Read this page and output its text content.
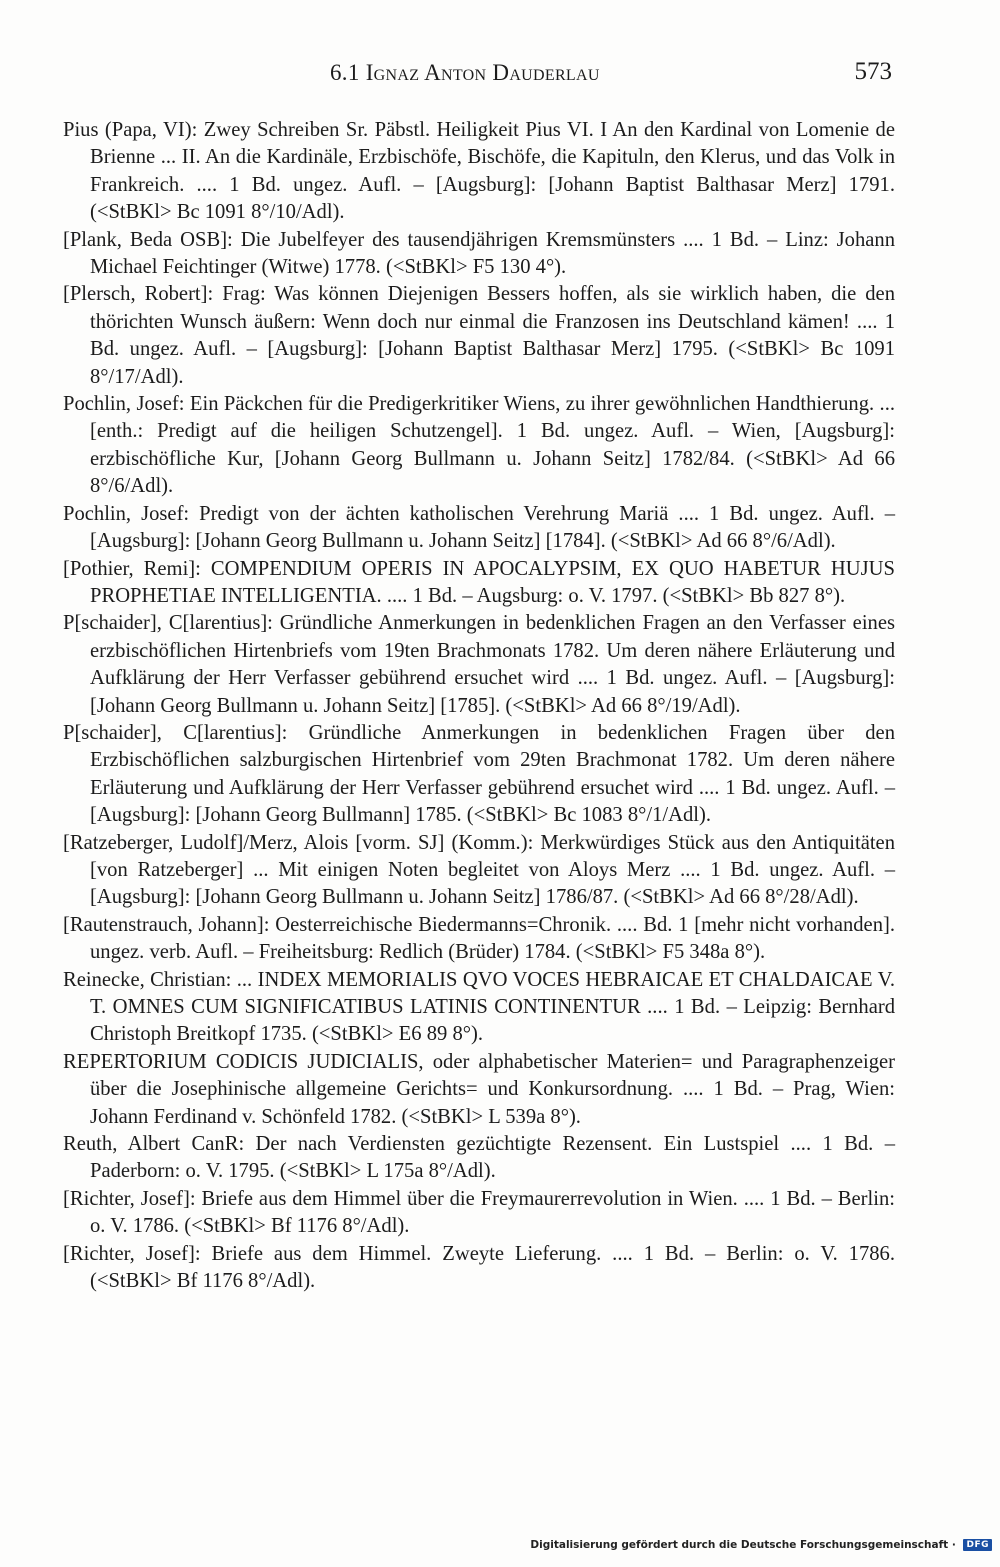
6.1 Ignaz Anton Dauderlau	573

Pius (Papa, VI): Zwey Schreiben Sr. Päbstl. Heiligkeit Pius VI. I An den Kardinal von Lomenie de Brienne ... II. An die Kardinäle, Erzbischöfe, Bischöfe, die Kapituln, den Klerus, und das Volk in Frankreich. .... 1 Bd. ungez. Aufl. – [Augsburg]: [Johann Baptist Balthasar Merz] 1791. (<StBKl> Bc 1091 8°/10/Adl).

[Plank, Beda OSB]: Die Jubelfeyer des tausendjährigen Kremsmünsters .... 1 Bd. – Linz: Johann Michael Feichtinger (Witwe) 1778. (<StBKl> F5 130 4°).

[Plersch, Robert]: Frag: Was können Diejenigen Bessers hoffen, als sie wirklich haben, die den thörichten Wunsch äußern: Wenn doch nur einmal die Franzosen ins Deutschland kämen! .... 1 Bd. ungez. Aufl. – [Augsburg]: [Johann Baptist Balthasar Merz] 1795. (<StBKl> Bc 1091 8°/17/Adl).

Pochlin, Josef: Ein Päckchen für die Predigerkritiker Wiens, zu ihrer gewöhnlichen Handthierung. ... [enth.: Predigt auf die heiligen Schutzengel]. 1 Bd. ungez. Aufl. – Wien, [Augsburg]: erzbischöfliche Kur, [Johann Georg Bullmann u. Johann Seitz] 1782/84. (<StBKl> Ad 66 8°/6/Adl).

Pochlin, Josef: Predigt von der ächten katholischen Verehrung Mariä .... 1 Bd. ungez. Aufl. – [Augsburg]: [Johann Georg Bullmann u. Johann Seitz] [1784]. (<StBKl> Ad 66 8°/6/Adl).

[Pothier, Remi]: COMPENDIUM OPERIS IN APOCALYPSIM, EX QUO HABETUR HUJUS PROPHETIAE INTELLIGENTIA. .... 1 Bd. – Augsburg: o. V. 1797. (<StBKl> Bb 827 8°).

P[schaider], C[larentius]: Gründliche Anmerkungen in bedenklichen Fragen an den Verfasser eines erzbischöflichen Hirtenbriefs vom 19ten Brachmonats 1782. Um deren nähere Erläuterung und Aufklärung der Herr Verfasser gebührend ersuchet wird .... 1 Bd. ungez. Aufl. – [Augsburg]: [Johann Georg Bullmann u. Johann Seitz] [1785]. (<StBKl> Ad 66 8°/19/Adl).

P[schaider], C[larentius]: Gründliche Anmerkungen in bedenklichen Fragen über den Erzbischöflichen salzburgischen Hirtenbrief vom 29ten Brachmonat 1782. Um deren nähere Erläuterung und Aufklärung der Herr Verfasser gebührend ersuchet wird .... 1 Bd. ungez. Aufl. – [Augsburg]: [Johann Georg Bullmann] 1785. (<StBKl> Bc 1083 8°/1/Adl).

[Ratzeberger, Ludolf]/Merz, Alois [vorm. SJ] (Komm.): Merkwürdiges Stück aus den Antiquitäten [von Ratzeberger] ... Mit einigen Noten begleitet von Aloys Merz .... 1 Bd. ungez. Aufl. – [Augsburg]: [Johann Georg Bullmann u. Johann Seitz] 1786/87. (<StBKl> Ad 66 8°/28/Adl).

[Rautenstrauch, Johann]: Oesterreichische Biedermanns=Chronik. .... Bd. 1 [mehr nicht vorhanden]. ungez. verb. Aufl. – Freiheitsburg: Redlich (Brüder) 1784. (<StBKl> F5 348a 8°).

Reinecke, Christian: ... INDEX MEMORIALIS QVO VOCES HEBRAICAE ET CHALDAICAE V. T. OMNES CUM SIGNIFICATIBUS LATINIS CONTINENTUR .... 1 Bd. – Leipzig: Bernhard Christoph Breitkopf 1735. (<StBKl> E6 89 8°).

REPERTORIUM CODICIS JUDICIALIS, oder alphabetischer Materien= und Paragraphenzeiger über die Josephinische allgemeine Gerichts= und Konkursordnung. .... 1 Bd. – Prag, Wien: Johann Ferdinand v. Schönfeld 1782. (<StBKl> L 539a 8°).

Reuth, Albert CanR: Der nach Verdiensten gezüchtigte Rezensent. Ein Lustspiel .... 1 Bd. – Paderborn: o. V. 1795. (<StBKl> L 175a 8°/Adl).

[Richter, Josef]: Briefe aus dem Himmel über die Freymaurerrevolution in Wien. .... 1 Bd. – Berlin: o. V. 1786. (<StBKl> Bf 1176 8°/Adl).

[Richter, Josef]: Briefe aus dem Himmel. Zweyte Lieferung. .... 1 Bd. – Berlin: o. V. 1786. (<StBKl> Bf 1176 8°/Adl).

Digitalisierung gefördert durch die Deutsche Forschungsgemeinschaft · DFG
